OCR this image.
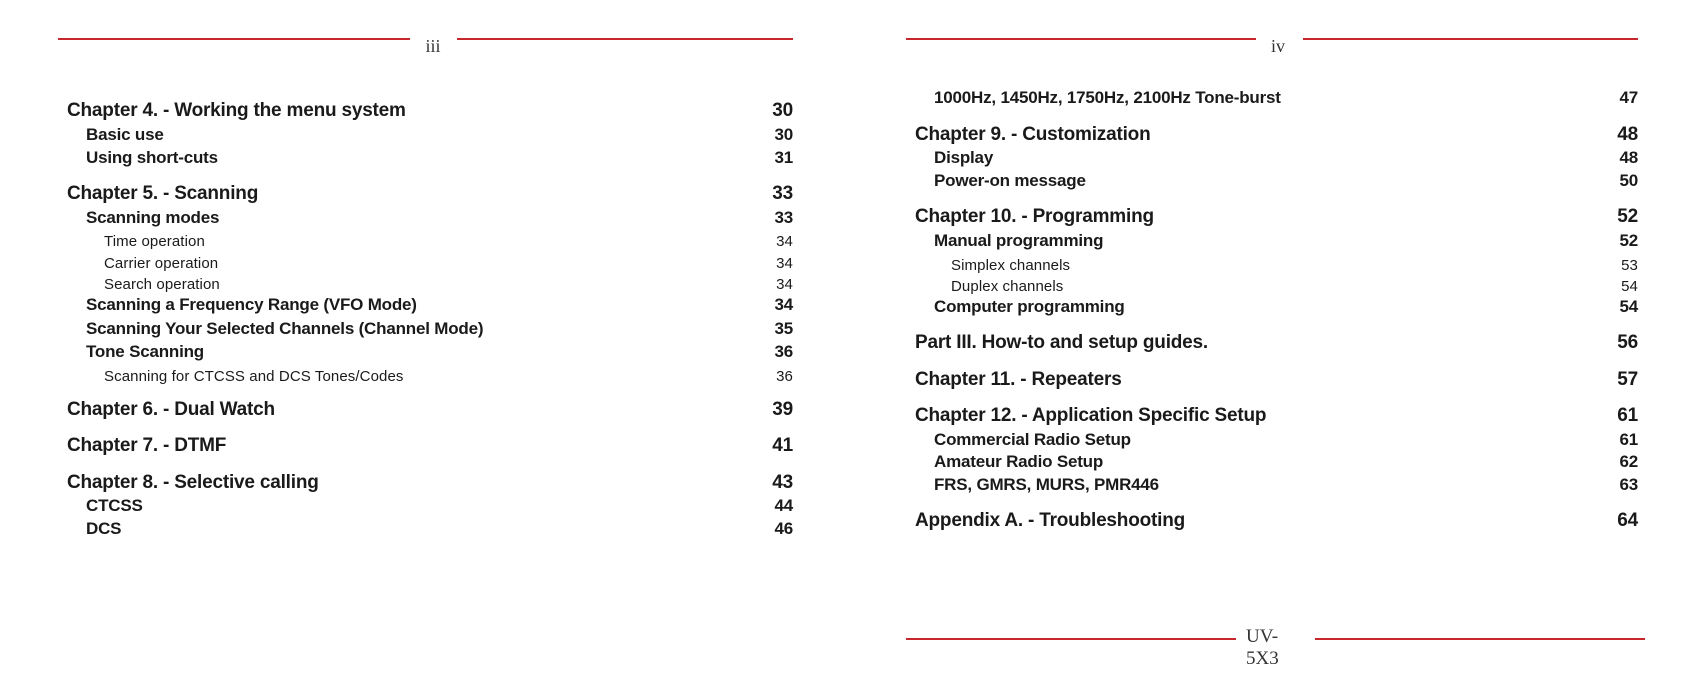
iii
Chapter 4. - Working the menu system	30
Basic use	30
Using short-cuts	31
Chapter 5. - Scanning	33
Scanning modes	33
Time operation	34
Carrier operation	34
Search operation	34
Scanning a Frequency Range (VFO Mode)	34
Scanning Your Selected Channels (Channel Mode)	35
Tone Scanning	36
Scanning for CTCSS and DCS Tones/Codes	36
Chapter 6. - Dual Watch	39
Chapter 7. - DTMF	41
Chapter 8. - Selective calling	43
CTCSS	44
DCS	46
iv
1000Hz, 1450Hz, 1750Hz, 2100Hz Tone-burst	47
Chapter 9. - Customization	48
Display	48
Power-on message	50
Chapter 10. - Programming	52
Manual programming	52
Simplex channels	53
Duplex channels	54
Computer programming	54
Part III. How-to and setup guides.	56
Chapter 11. - Repeaters	57
Chapter 12. - Application Specific Setup	61
Commercial Radio Setup	61
Amateur Radio Setup	62
FRS, GMRS, MURS, PMR446	63
Appendix A. - Troubleshooting	64
UV-5X3
